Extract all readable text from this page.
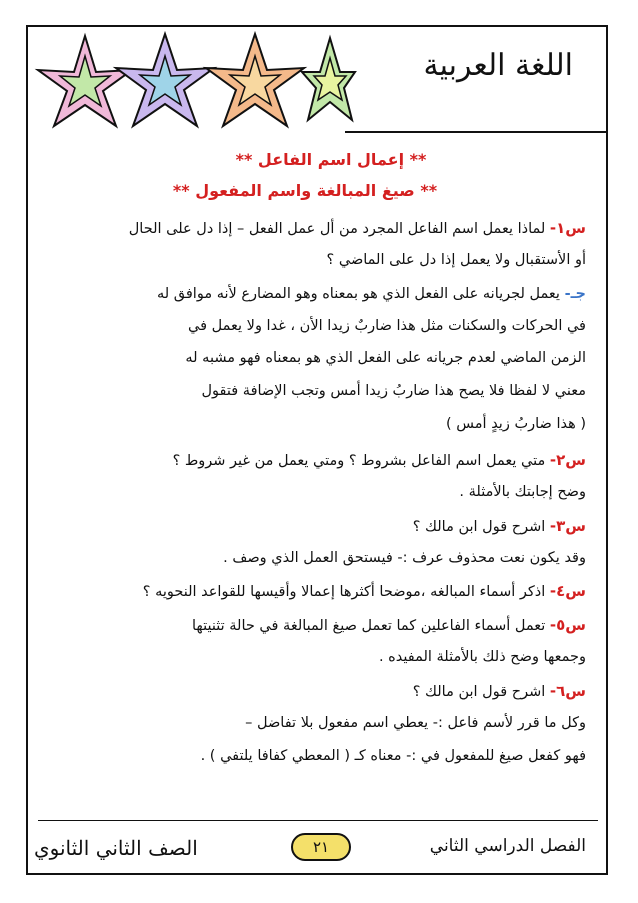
اللغة العربية
** إعمال اسم الفاعل **
** صيغ المبالغة واسم المفعول **
س١- لماذا يعمل اسم الفاعل المجرد من أل عمل الفعل – إذا دل على الحال
أو الأستقبال ولا يعمل إذا دل على الماضي ؟
جـ- يعمل لجريانه على الفعل الذي هو بمعناه وهو المضارع لأنه موافق له
في الحركات والسكنات مثل هذا ضاربٌ زيدا الأن ، غدا ولا يعمل في
الزمن الماضي لعدم جريانه على الفعل الذي هو بمعناه فهو مشبه له
معني لا لفظا فلا يصح هذا ضاربُ زيدا أمس وتجب الإضافة فتقول
( هذا ضاربُ زيدٍ أمس )
س٢- متي يعمل اسم الفاعل بشروط ؟ ومتي يعمل من غير شروط ؟
وضح إجابتك بالأمثلة .
س٣- اشرح قول ابن مالك ؟
وقد يكون نعت محذوف عرف :- فيستحق العمل الذي وصف .
س٤- اذكر أسماء المبالغه ،موضحا أكثرها إعمالا وأقيسها للقواعد النحويه ؟
س٥- تعمل أسماء الفاعلين كما تعمل صيغ المبالغة في حالة تثنيتها
وجمعها وضح ذلك بالأمثلة المفيده .
س٦- اشرح قول ابن مالك ؟
وكل ما قرر لأسم فاعل :- يعطي اسم مفعول بلا تفاضل –
فهو كفعل صيغ للمفعول في :- معناه كـ ( المعطي كفافا يلتفي ) .
الصف الثاني الثانوي	٢١	الفصل الدراسي الثاني
